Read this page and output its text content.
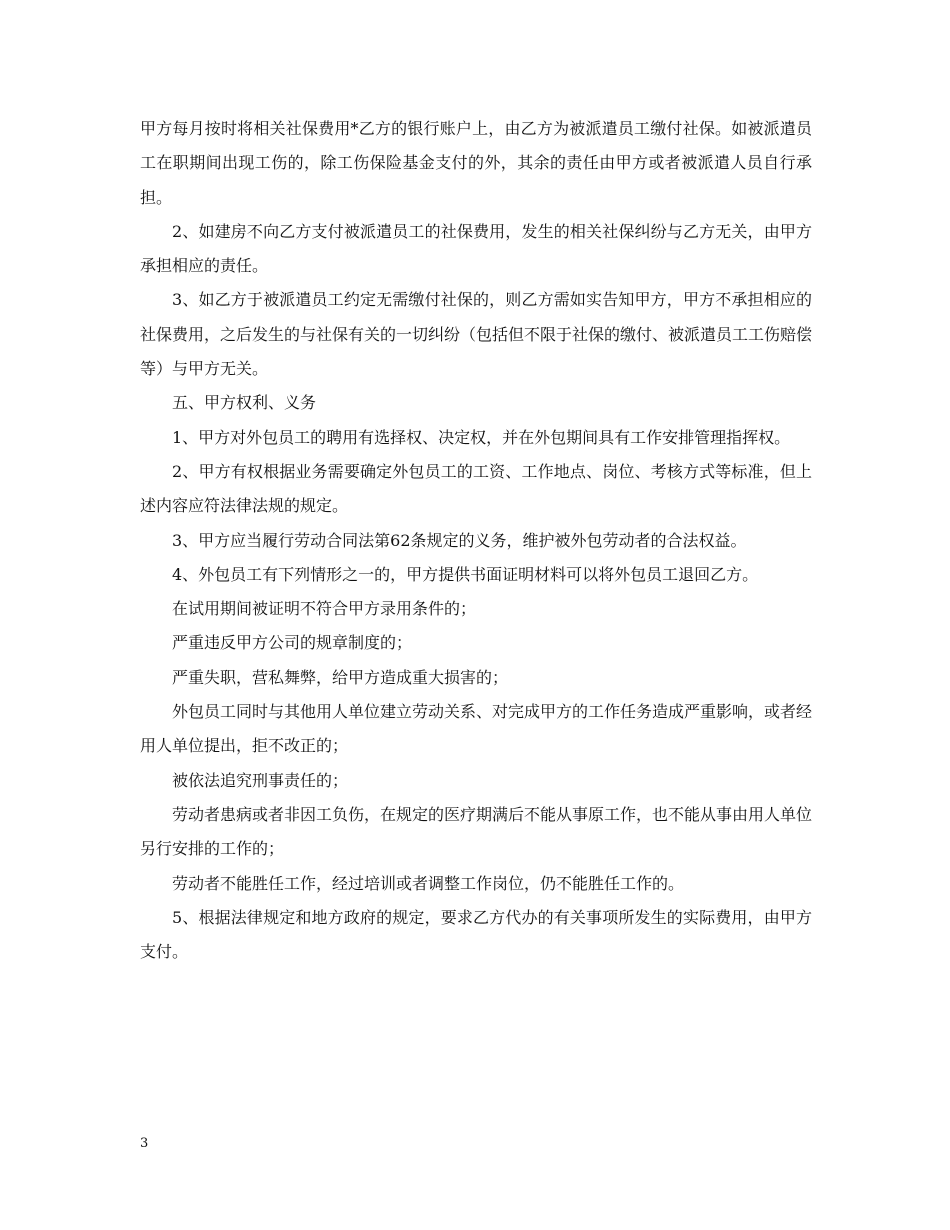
甲方每月按时将相关社保费用*乙方的银行账户上，由乙方为被派遣员工缴付社保。如被派遣员工在职期间出现工伤的，除工伤保险基金支付的外，其余的责任由甲方或者被派遣人员自行承担。

2、如建房不向乙方支付被派遣员工的社保费用，发生的相关社保纠纷与乙方无关，由甲方承担相应的责任。

3、如乙方于被派遣员工约定无需缴付社保的，则乙方需如实告知甲方，甲方不承担相应的社保费用，之后发生的与社保有关的一切纠纷（包括但不限于社保的缴付、被派遣员工工伤赔偿等）与甲方无关。

五、甲方权利、义务

1、甲方对外包员工的聘用有选择权、决定权，并在外包期间具有工作安排管理指挥权。

2、甲方有权根据业务需要确定外包员工的工资、工作地点、岗位、考核方式等标准，但上述内容应符法律法规的规定。

3、甲方应当履行劳动合同法第62条规定的义务，维护被外包劳动者的合法权益。

4、外包员工有下列情形之一的，甲方提供书面证明材料可以将外包员工退回乙方。

在试用期间被证明不符合甲方录用条件的；

严重违反甲方公司的规章制度的；

严重失职，营私舞弊，给甲方造成重大损害的；

外包员工同时与其他用人单位建立劳动关系、对完成甲方的工作任务造成严重影响，或者经用人单位提出，拒不改正的；

被依法追究刑事责任的；

劳动者患病或者非因工负伤，在规定的医疗期满后不能从事原工作，也不能从事由用人单位另行安排的工作的；

劳动者不能胜任工作，经过培训或者调整工作岗位，仍不能胜任工作的。

5、根据法律规定和地方政府的规定，要求乙方代办的有关事项所发生的实际费用，由甲方支付。

3
